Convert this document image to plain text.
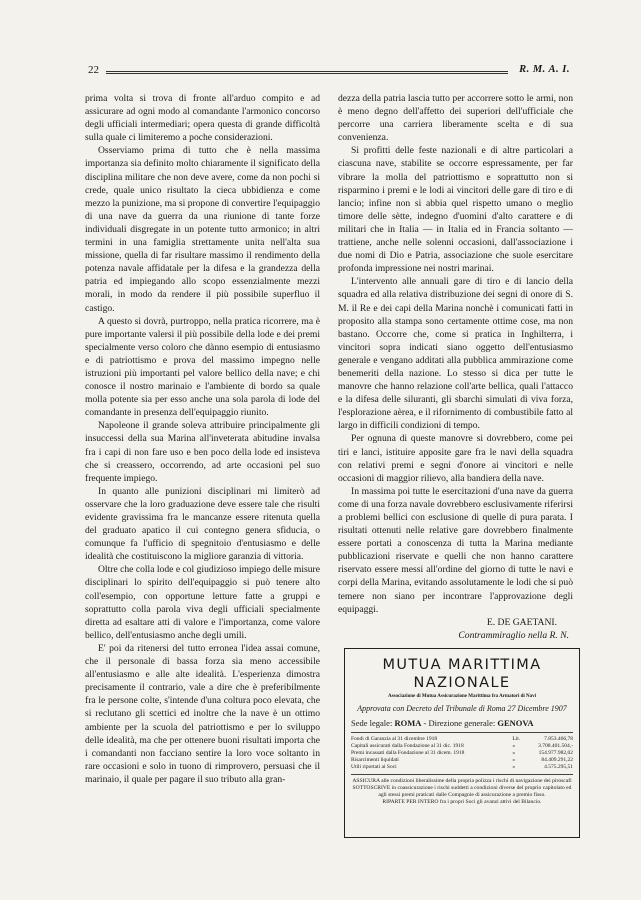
22	R. M. A. I.

prima volta si trova di fronte all'arduo compito e ad assicurare ad ogni modo al comandante l'armonico concorso degli ufficiali intermediari; opera questa di grande difficoltà sulla quale ci limiteremo a poche considerazioni.

Osserviamo prima di tutto che è nella massima importanza sia definito molto chiaramente il significato della disciplina militare che non deve avere, come da non pochi si crede, quale unico risultato la cieca ubbidienza e come mezzo la punizione, ma si propone di convertire l'equipaggio di una nave da guerra da una riunione di tante forze individuali disgregate in un potente tutto armonico; in altri termini in una famiglia strettamente unita nell'alta sua missione, quella di far risultare massimo il rendimento della potenza navale affidatale per la difesa e la grandezza della patria ed impiegando allo scopo essenzialmente mezzi morali, in modo da rendere il più possibile superfluo il castigo.

A questo si dovrà, purtroppo, nella pratica ricorrere, ma è pure importante valersi il più possibile della lode e dei premi specialmente verso coloro che dànno esempio di entusiasmo e di patriottismo e prova del massimo impegno nelle istruzioni più importanti pel valore bellico della nave; e chi conosce il nostro marinaio e l'ambiente di bordo sa quale molla potente sia per esso anche una sola parola di lode del comandante in presenza dell'equipaggio riunito.

Napoleone il grande soleva attribuire principalmente gli insuccessi della sua Marina all'inveterata abitudine invalsa fra i capi di non fare uso e ben poco della lode ed insisteva che si creassero, occorrendo, ad arte occasioni pel suo frequente impiego.

In quanto alle punizioni disciplinari mi limiterò ad osservare che la loro graduazione deve essere tale che risulti evidente gravissima fra le mancanze essere ritenuta quella del graduato apatico il cui contegno genera sfiducia, o comunque fa l'ufficio di spegnitoio d'entusiasmo e delle idealità che costituiscono la migliore garanzia di vittoria.

Oltre che colla lode e col giudizioso impiego delle misure disciplinari lo spirito dell'equipaggio si può tenere alto coll'esempio, con opportune letture fatte a gruppi e soprattutto colla parola viva degli ufficiali specialmente diretta ad esaltare atti di valore e l'importanza, come valore bellico, dell'entusiasmo anche degli umili.

E' poi da ritenersi del tutto erronea l'idea assai comune, che il personale di bassa forza sia meno accessibile all'entusiasmo e alle alte idealità. L'esperienza dimostra precisamente il contrario, vale a dire che è preferibilmente fra le persone colte, s'intende d'una coltura poco elevata, che si reclutano gli scettici ed inoltre che la nave è un ottimo ambiente per la scuola del patriottismo e per lo sviluppo delle idealità, ma che per ottenere buoni risultati importa che i comandanti non facciano sentire la loro voce soltanto in rare occasioni e solo in tuono di rimprovero, persuasi che il marinaio, il quale per pagare il suo tributo alla gran-

dezza della patria lascia tutto per accorrere sotto le armi, non è meno degno dell'affetto dei superiori dell'ufficiale che percorre una carriera liberamente scelta e di sua convenienza.

Si profitti delle feste nazionali e di altre particolari a ciascuna nave, stabilite se occorre espressamente, per far vibrare la molla del patriottismo e soprattutto non si risparmino i premi e le lodi ai vincitori delle gare di tiro e di lancio; infine non si abbia quel rispetto umano o meglio timore delle sètte, indegno d'uomini d'alto carattere e di militari che in Italia — in Italia ed in Francia soltanto — trattiene, anche nelle solenni occasioni, dall'associazione i due nomi di Dio e Patria, associazione che suole esercitare profonda impressione nei nostri marinai.

L'intervento alle annuali gare di tiro e di lancio della squadra ed alla relativa distribuzione dei segni di onore di S. M. il Re e dei capi della Marina nonchè i comunicati fatti in proposito alla stampa sono certamente ottime cose, ma non bastano. Occorre che, come si pratica in Inghilterra, i vincitori sopra indicati siano oggetto dell'entusiasmo generale e vengano additati alla pubblica ammirazione come benemeriti della nazione. Lo stesso si dica per tutte le manovre che hanno relazione coll'arte bellica, quali l'attacco e la difesa delle siluranti, gli sbarchi simulati di viva forza, l'esplorazione aèrea, e il rifornimento di combustibile fatto al largo in difficili condizioni di tempo.

Per ognuna di queste manovre si dovrebbero, come pei tiri e lanci, istituire apposite gare fra le navi della squadra con relativi premi e segni d'onore ai vincitori e nelle occasioni di maggior rilievo, alla bandiera della nave.

In massima poi tutte le esercitazioni d'una nave da guerra come di una forza navale dovrebbero esclusivamente riferirsi a problemi bellici con esclusione di quelle di pura parata. I risultati ottenuti nelle relative gare dovrebbero finalmente essere portati a conoscenza di tutta la Marina mediante pubblicazioni riservate e quelli che non hanno carattere riservato essere messi all'ordine del giorno di tutte le navi e corpi della Marina, evitando assolutamente le lodi che si può temere non siano per incontrare l'approvazione degli equipaggi.

E. DE GAETANI.

Contrammiraglio nella R. N.

MUTUA MARITTIMA NAZIONALE
Associazione di Mutua Assicurazione Marittima fra Armatori di Navi
Approvata con Decreto del Tribunale di Roma 27 Dicembre 1907
Sede legale: ROMA - Direzione generale: GENOVA
Fondi di Garanzia al 31 dicembre 1918	Lit.	7.853.466,78
Capitali assicurati dalla Fondazione al 31 dic. 1918	»	3.708.401.504,-
Premi incassati dalla Fondazione al 31 dicem. 1918	»	154.977.982,02
Risarcimenti liquidati	»	84.409.291,22
Utili riportati ai Soci	»	4.575.295,51
ASSICURA alle condizioni liberalissime della propria polizza i rischi di navigazione dei piroscafi
SOTTOSCRIVE in coassicurazione i rischi suddetti a condizioni diverse del proprio capitolato ed agli stessi premi praticati dalle Compagnie di assicurazione a premio fisso.
RIPARTE PER INTERO fra i propri Soci gli avanzi attivi del Bilancio.
